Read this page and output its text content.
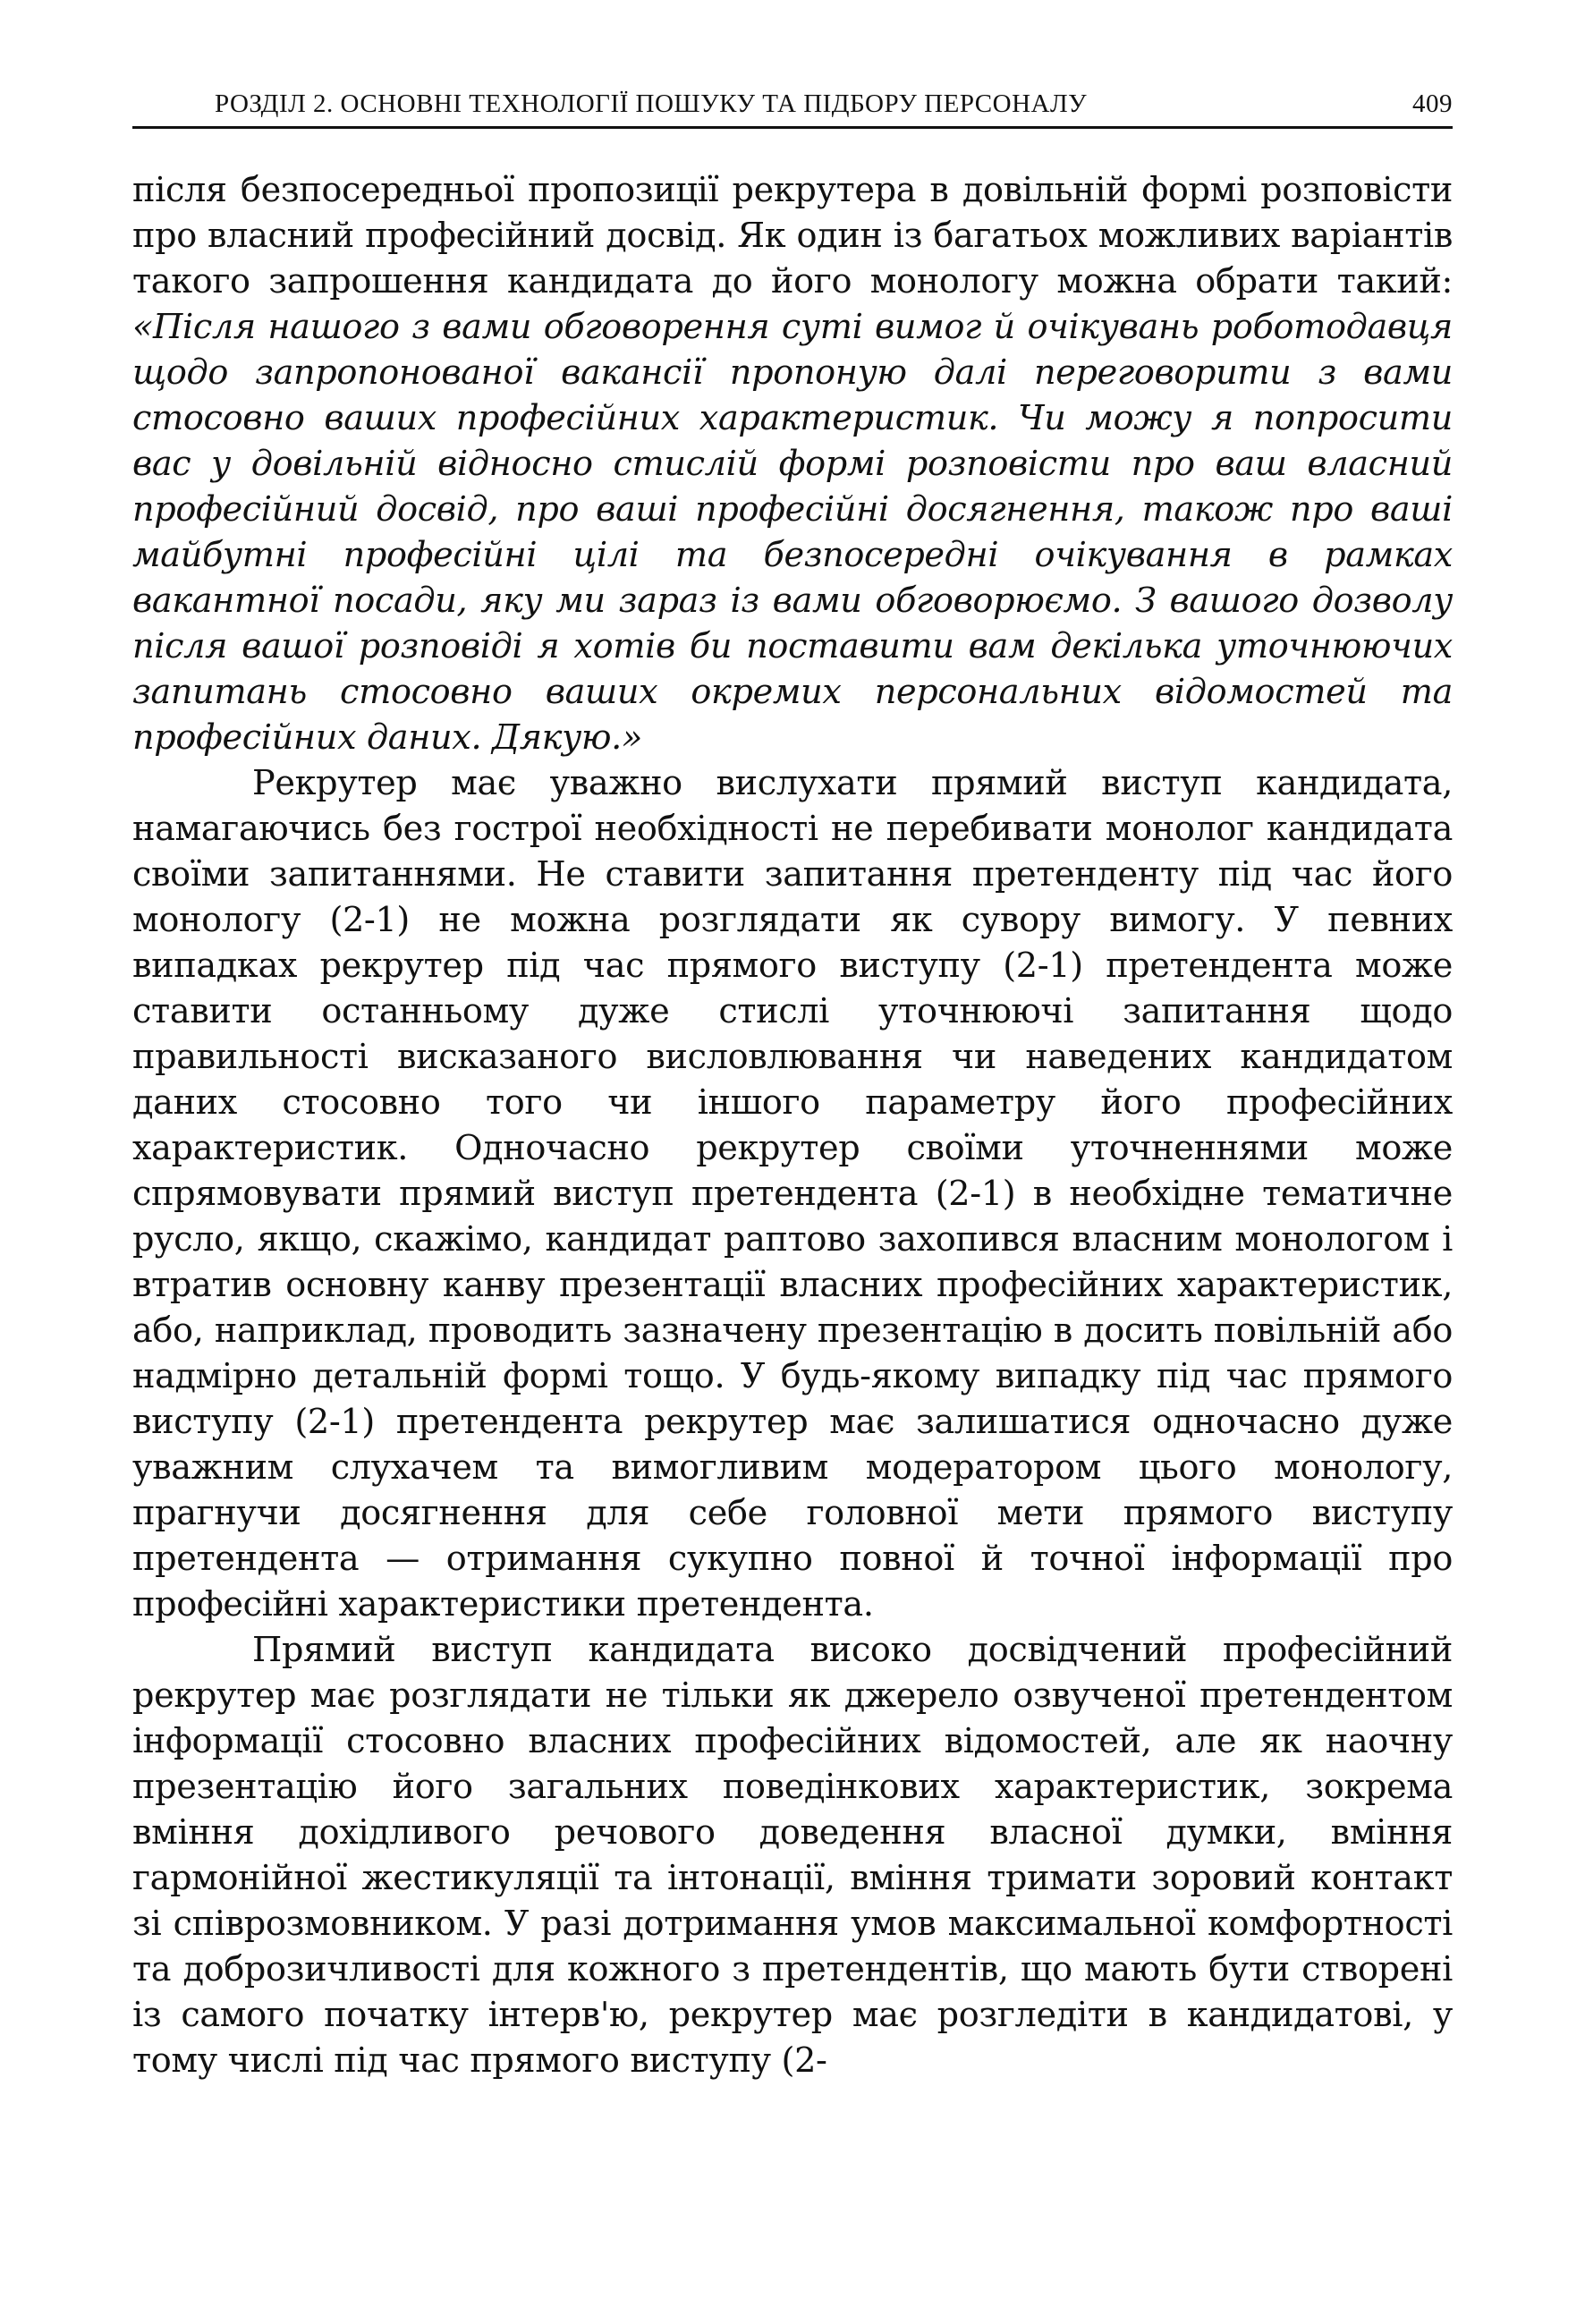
РОЗДІЛ 2. ОСНОВНІ ТЕХНОЛОГІЇ ПОШУКУ ТА ПІДБОРУ ПЕРСОНАЛУ	409

після безпосередньої пропозиції рекрутера в довільній формі розповісти про власний професійний досвід. Як один із багатьох можливих варіантів такого запрошення кандидата до його монологу можна обрати такий: «Після нашого з вами обговорення суті вимог й очікувань роботодавця щодо запропонованої вакансії пропоную далі переговорити з вами стосовно ваших професійних характеристик. Чи можу я попросити вас у довільній відносно стислій формі розповісти про ваш власний професійний досвід, про ваші професійні досягнення, також про ваші майбутні професійні цілі та безпосередні очікування в рамках вакантної посади, яку ми зараз із вами обговорюємо. З вашого дозволу після вашої розповіді я хотів би поставити вам декілька уточнюючих запитань стосовно ваших окремих персональних відомостей та професійних даних. Дякую.»

Рекрутер має уважно вислухати прямий виступ кандидата, намагаючись без гострої необхідності не перебивати монолог кандидата своїми запитаннями. Не ставити запитання претенденту під час його монологу (2-1) не можна розглядати як сувору вимогу. У певних випадках рекрутер під час прямого виступу (2-1) претендента може ставити останньому дуже стислі уточнюючі запитання щодо правильності висказаного висловлювання чи наведених кандидатом даних стосовно того чи іншого параметру його професійних характеристик. Одночасно рекрутер своїми уточненнями може спрямовувати прямий виступ претендента (2-1) в необхідне тематичне русло, якщо, скажімо, кандидат раптово захопився власним монологом і втратив основну канву презентації власних професійних характеристик, або, наприклад, проводить зазначену презентацію в досить повільній або надмірно детальній формі тощо. У будь-якому випадку під час прямого виступу (2-1) претендента рекрутер має залишатися одночасно дуже уважним слухачем та вимогливим модератором цього монологу, прагнучи досягнення для себе головної мети прямого виступу претендента — отримання сукупно повної й точної інформації про професійні характеристики претендента.

Прямий виступ кандидата високо досвідчений професійний рекрутер має розглядати не тільки як джерело озвученої претендентом інформації стосовно власних професійних відомостей, але як наочну презентацію його загальних поведінкових характеристик, зокрема вміння дохідливого речового доведення власної думки, вміння гармонійної жестикуляції та інтонації, вміння тримати зоровий контакт зі співрозмовником. У разі дотримання умов максимальної комфортності та доброзичливості для кожного з претендентів, що мають бути створені із самого початку інтерв'ю, рекрутер має розгледіти в кандидатові, у тому числі під час прямого виступу (2-
